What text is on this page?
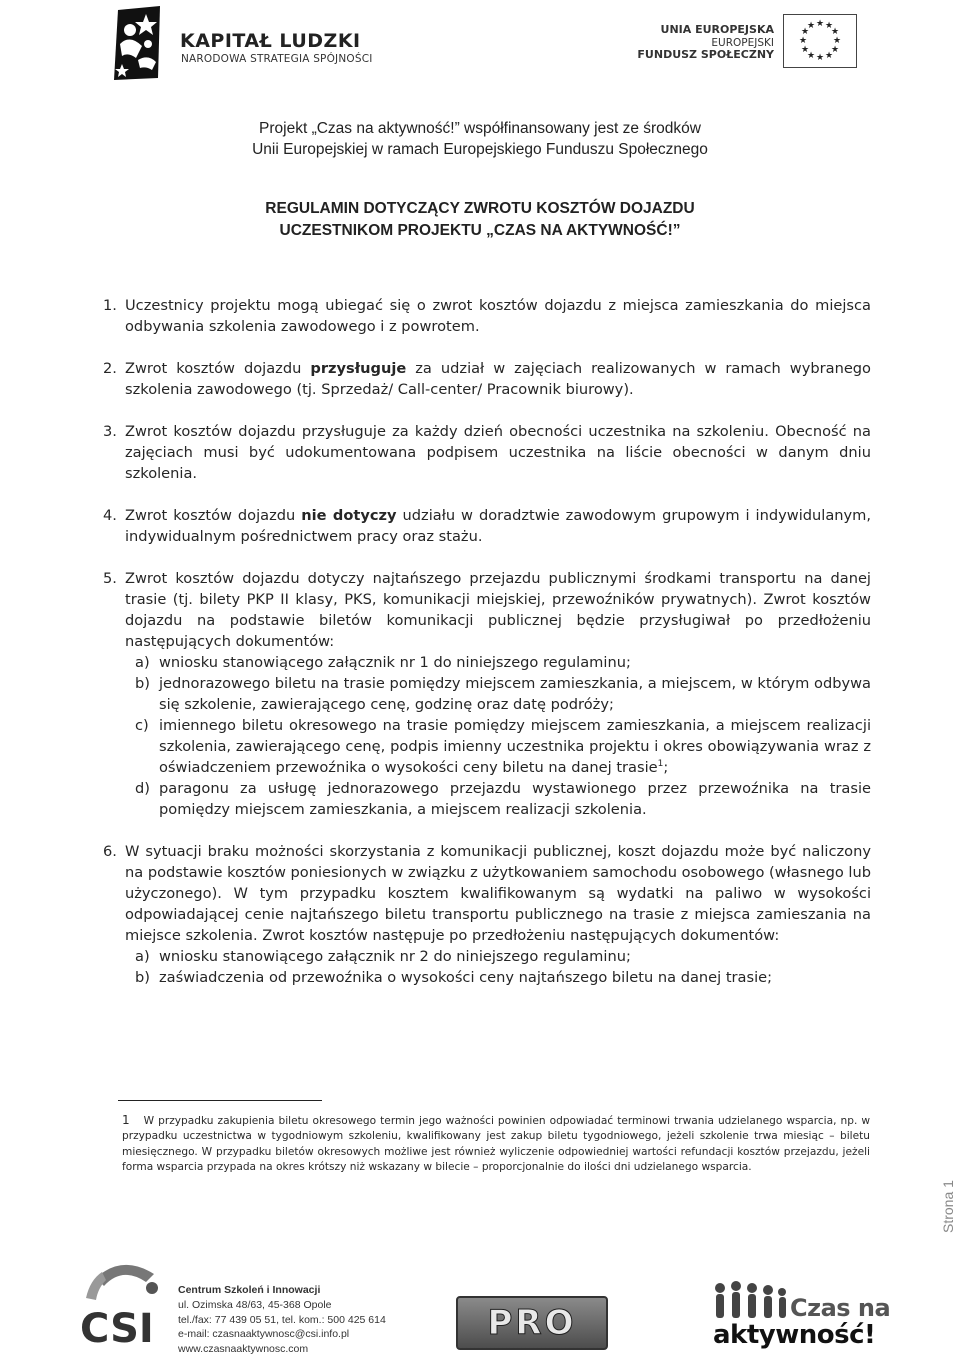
KAPITAŁ LUDZKI
NARODOWA STRATEGIA SPÓJNOŚCI
UNIA EUROPEJSKA
EUROPEJSKI
FUNDUSZ SPOŁECZNY
★ ★
★
★
★
★
★
★
★
★
★
★
Projekt „Czas na aktywność!” współfinansowany jest ze środków
Unii Europejskiej w ramach Europejskiego Funduszu Społecznego
REGULAMIN DOTYCZĄCY ZWROTU KOSZTÓW DOJAZDU
UCZESTNIKOM PROJEKTU „CZAS NA AKTYWNOŚĆ!”
1. Uczestnicy projektu mogą ubiegać się o zwrot kosztów dojazdu z miejsca zamieszkania do miejsca odbywania szkolenia zawodowego i z powrotem.
2. Zwrot kosztów dojazdu przysługuje za udział w zajęciach realizowanych w ramach wybranego szkolenia zawodowego (tj. Sprzedaż/ Call-center/ Pracownik biurowy).
3. Zwrot kosztów dojazdu przysługuje za każdy dzień obecności uczestnika na szkoleniu. Obecność na zajęciach musi być udokumentowana podpisem uczestnika na liście obecności w danym dniu szkolenia.
4. Zwrot kosztów dojazdu nie dotyczy udziału w doradztwie zawodowym grupowym i indywidulanym, indywidualnym pośrednictwem pracy oraz stażu.
5. Zwrot kosztów dojazdu dotyczy najtańszego przejazdu publicznymi środkami transportu na danej trasie (tj. bilety PKP II klasy, PKS, komunikacji miejskiej, przewoźników prywatnych). Zwrot kosztów dojazdu na podstawie biletów komunikacji publicznej będzie przysługiwał po przedłożeniu następujących dokumentów:
a) wniosku stanowiącego załącznik nr 1 do niniejszego regulaminu;
b) jednorazowego biletu na trasie pomiędzy miejscem zamieszkania, a miejscem, w którym odbywa się szkolenie, zawierającego cenę, godzinę oraz datę podróży;
c) imiennego biletu okresowego na trasie pomiędzy miejscem zamieszkania, a miejscem realizacji szkolenia, zawierającego cenę, podpis imienny uczestnika projektu i okres obowiązywania wraz z oświadczeniem przewoźnika o wysokości ceny biletu na danej trasie$^1$;
d) paragonu za usługę jednorazowego przejazdu wystawionego przez przewoźnika na trasie pomiędzy miejscem zamieszkania, a miejscem realizacji szkolenia.
6. W sytuacji braku możności skorzystania z komunikacji publicznej, koszt dojazdu może być naliczony na podstawie kosztów poniesionych w związku z użytkowaniem samochodu osobowego (własnego lub użyczonego). W tym przypadku kosztem kwalifikowanym są wydatki na paliwo w wysokości odpowiadającej cenie najtańszego biletu transportu publicznego na trasie z miejsca zamieszania na miejsce szkolenia. Zwrot kosztów następuje po przedłożeniu następujących dokumentów:
a) wniosku stanowiącego załącznik nr 2 do niniejszego regulaminu;
b) zaświadczenia od przewoźnika o wysokości ceny najtańszego biletu na danej trasie;
1 W przypadku zakupienia biletu okresowego termin jego ważności powinien odpowiadać terminowi trwania udzielanego wsparcia, np. w przypadku uczestnictwa w tygodniowym szkoleniu, kwalifikowany jest zakup biletu tygodniowego, jeżeli szkolenie trwa miesiąc – biletu miesięcznego. W przypadku biletów okresowych możliwe jest również wyliczenie odpowiedniej wartości refundacji kosztów przejazdu, jeżeli forma wsparcia przypada na okres krótszy niż wskazany w bilecie – proporcjonalnie do ilości dni udzielanego wsparcia.
Strona 1
CSI
Centrum Szkoleń i Innowacji
ul. Ozimska 48/63, 45-368 Opole
tel./fax: 77 439 05 51, tel. kom.: 500 425 614
e-mail: czasnaaktywnosc@csi.info.pl
www.czasnaaktywnosc.com
PRO	Czas na
aktywność!
